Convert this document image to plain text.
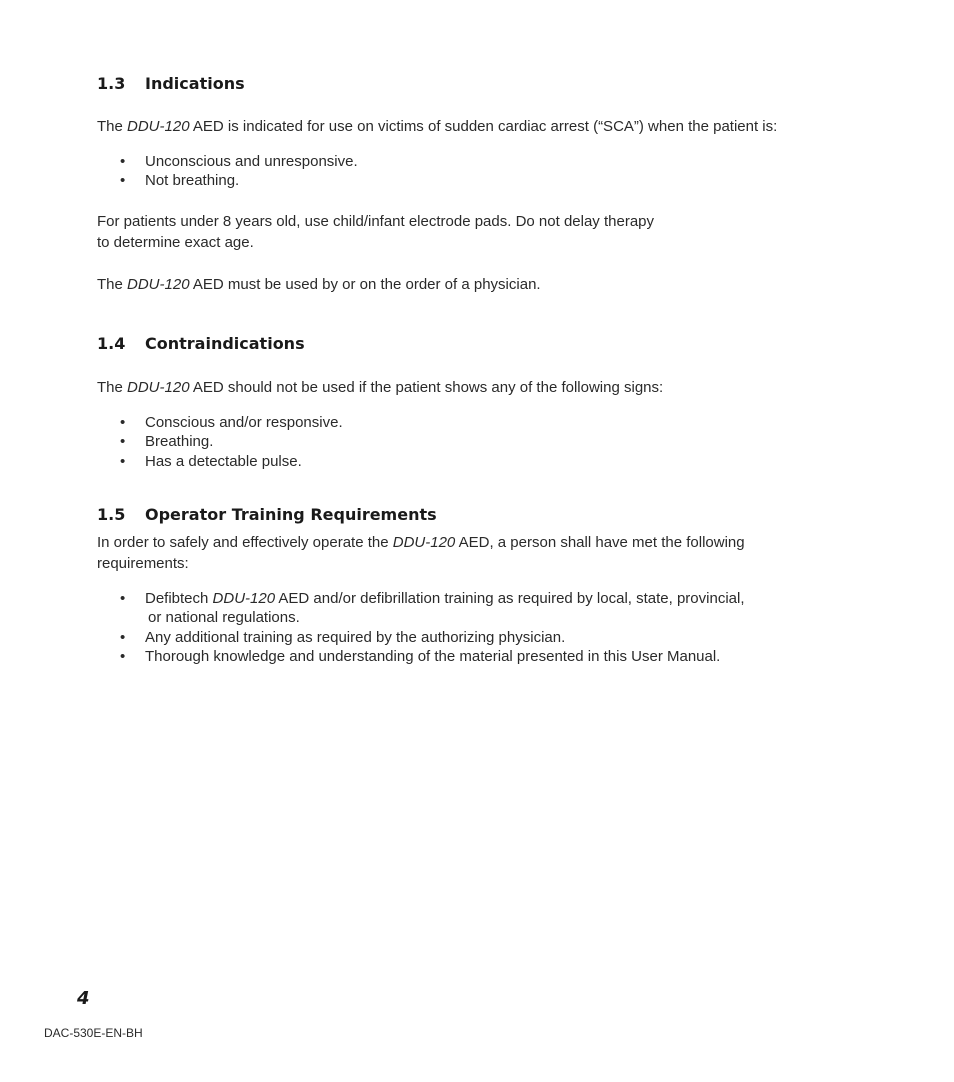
1.3 Indications
The DDU-120 AED is indicated for use on victims of sudden cardiac arrest (“SCA”) when the patient is:
• Unconscious and unresponsive.
• Not breathing.
For patients under 8 years old, use child/infant electrode pads. Do not delay therapy
to determine exact age.
The DDU-120 AED must be used by or on the order of a physician.
1.4 Contraindications
The DDU-120 AED should not be used if the patient shows any of the following signs:
• Conscious and/or responsive.
• Breathing.
• Has a detectable pulse.
1.5 Operator Training Requirements
In order to safely and effectively operate the DDU-120 AED, a person shall have met the following
requirements:
• Defibtech DDU-120 AED and/or defibrillation training as required by local, state, provincial,
or national regulations.
• Any additional training as required by the authorizing physician.
• Thorough knowledge and understanding of the material presented in this User Manual.
4
DAC-530E-EN-BH
